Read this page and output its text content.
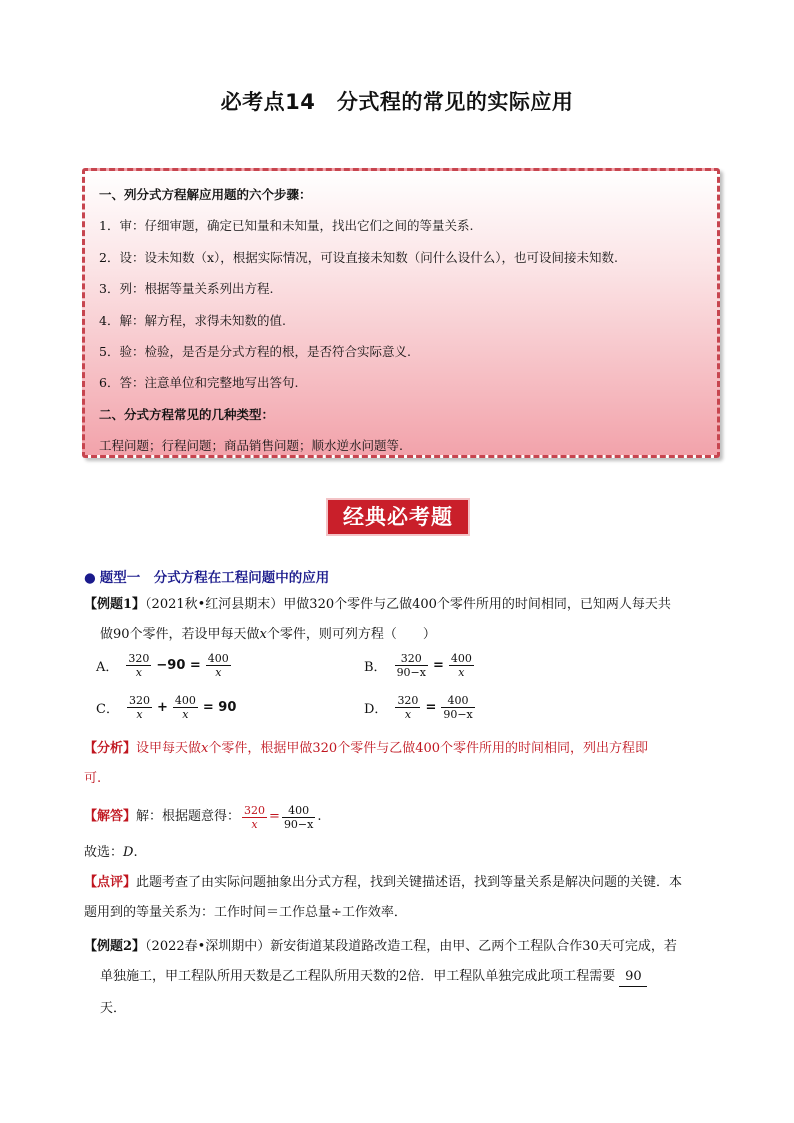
必考点14　分式程的常见的实际应用
一、列分式方程解应用题的六个步骤：
1．审：仔细审题，确定已知量和未知量，找出它们之间的等量关系.
2．设：设未知数（x），根据实际情况，可设直接未知数（问什么设什么），也可设间接未知数.
3．列：根据等量关系列出方程.
4．解：解方程，求得未知数的值.
5．验：检验，是否是分式方程的根，是否符合实际意义.
6．答：注意单位和完整地写出答句.
二、分式方程常见的几种类型：
工程问题；行程问题；商品销售问题；顺水逆水问题等.
经典必考题
● 题型一　分式方程在工程问题中的应用
【例题1】（2021秋•红河县期末）甲做320个零件与乙做400个零件所用的时间相同，已知两人每天共
做90个零件，若设甲每天做x个零件，则可列方程（　　）
A． $\frac{320}{x} -90 = \frac{400}{x}$	B． $\frac{320}{90-x} = \frac{400}{x}$
C． $\frac{320}{x} + \frac{400}{x} = 90$	D． $\frac{320}{x} = \frac{400}{90-x}$
【分析】设甲每天做x个零件，根据甲做320个零件与乙做400个零件所用的时间相同，列出方程即
可.
【解答】 解：根据题意得： $\frac{320}{x} = \frac{400}{90-x}$ .
故选：D.
【点评】此题考查了由实际问题抽象出分式方程，找到关键描述语，找到等量关系是解决问题的关键．本
题用到的等量关系为：工作时间＝工作总量÷工作效率．
【例题2】（2022春•深圳期中）新安街道某段道路改造工程，由甲、乙两个工程队合作30天可完成，若
单独施工，甲工程队所用天数是乙工程队所用天数的2倍．甲工程队单独完成此项工程需要 90
天．
